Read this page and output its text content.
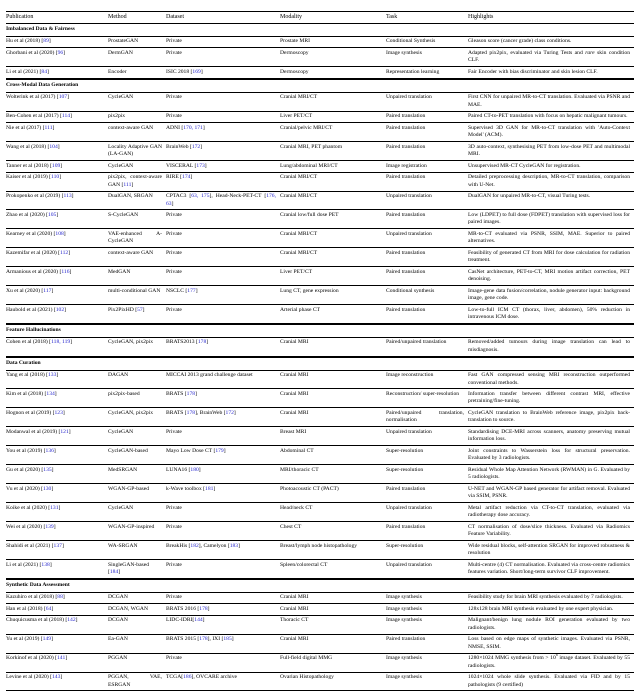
Publication	Method	Dataset	Modality	Task	Highlights
Imbalanced Data & Fairness					

Hu et al (2018) [89]	ProstateGAN	Private	Prostate MRI	Conditional Synthesis	Gleason score (cancer grade) class conditions.

Ghorbani et al (2020) [96]	DermGAN	Private	Dermoscopy	Image synthesis	Adapted pix2pix, evaluated via Turing Tests and rare skin condition CLF.

Li et al (2021) [84]	Encoder	ISIC 2018 [169]	Dermoscopy	Representation learning	Fair Encoder with bias discriminator and skin lesion CLF.

Cross-Modal Data Generation					

Wolterink et al (2017) [107]	CycleGAN	Private	Cranial MRI/CT	Unpaired translation	First CNN for unpaired MR-to-CT translation. Evaluated via PSNR and MAE.

Ben-Cohen et al (2017) [114]	pix2pix	Private	Liver PET/CT	Paired translation	Paired CT-to-PET translation with focus on hepatic malignant tumours.

Nie et al (2017) [111]	context-aware GAN	ADNI [170, 171]	Cranial/pelvic MRI/CT	Paired translation	Supervised 3D GAN for MR-to-CT translation with 'Auto-Context Model' (ACM).

Wang et al (2018) [104]	Locality Adaptive GAN (LA-GAN)	BrainWeb [172]	Cranial MRI, PET phantom	Paired translation	3D auto-context, synthesising PET from low-dose PET and multimodal MRI.

Tanner et al (2018) [109]	CycleGAN	VISCERAL [173]	Lung/abdominal MRI/CT	Image registration	Unsupervised MR-CT CycleGAN for registration.

Kaiser et al (2019) [110]	pix2pix, context-aware GAN [111]	RIRE [174]	Cranial MRI/CT	Paired translation	Detailed preprocessing description, MR-to-CT translation, comparison with U-Net.

Prokopenko et al (2019) [113]	DualGAN, SRGAN	CPTAC3 [63, 175], Head-Neck-PET-CT [176, 63]	Cranial MRI/CT	Unpaired translation	DualGAN for unpaired MR-to-CT, visual Turing tests.

Zhao et al (2020) [105]	S-CycleGAN	Private	Cranial low/full dose PET	Paired translation	Low (LDPET) to full dose (FDPET) translation with supervised loss for paired images.

Kearney et al (2020) [108]	VAE-enhanced A-CycleGAN	Private	Cranial MRI/CT	Unpaired translation	MR-to-CT evaluated via PSNR, SSIM, MAE. Superior to paired alternatives.

Kazemifar et al (2020) [112]	context-aware GAN	Private	Cranial MRI/CT	Paired translation	Feasibility of generated CT from MRI for dose calculation for radiation treatment.

Armanious et al (2020) [116]	MedGAN	Private	Liver PET/CT	Paired translation	CasNet architecture, PET-to-CT, MRI motion artifact correction, PET denoising.

Xu et al (2020) [117]	multi-conditional GAN	NSCLC [177]	Lung CT, gene expression	Conditional synthesis	Image-gene data fusion/correlation, nodule generator input: background image, gene code.

Haubold et al (2021) [102]	Pix2PixHD [57]	Private	Arterial phase CT	Paired translation	Low-to-full ICM CT (thorax, liver, abdomen), 50% reduction in intravenous ICM dose.

Feature Hallucinations					

Cohen et al (2018) [118, 119]	CycleGAN, pix2pix	BRATS2013 [178]	Cranial MRI	Paired/unpaired translation	Removed/added tumours during image translation can lead to misdiagnosis.

Data Curation					

Yang et al (2018) [133]	DAGAN	MICCAI 2013 grand challenge dataset	Cranial MRI	Image reconstruction	Fast GAN compressed sensing MRI reconstruction outperformed conventional methods.

Kim et al (2018) [134]	pix2pix-based	BRATS [178]	Cranial MRI	Reconstruction/ super-resolution	Information transfer between different contrast MRI, effective pretraining/fine-tuning.

Hognon et al (2019) [123]	CycleGAN, pix2pix	BRATS [178], BrainWeb [172]	Cranial MRI	Paired/unpaired translation, normalisation	CycleGAN translation to BrainWeb reference image, pix2pix back-translation to source.

Modanwal et al (2019) [121]	CycleGAN	Private	Breast MRI	Unpaired translation	Standardising DCE-MRI across scanners, anatomy preserving mutual information loss.

You et al (2019) [136]	CycleGAN-based	Mayo Low Dose CT [179]	Abdominal CT	Super-resolution	Joint constraints to Wasserstein loss for structural preservation. Evaluated by 3 radiologists.

Gu et al (2020) [135]	MedSRGAN	LUNA16 [180]	MRI/thoracic CT	Super-resolution	Residual Whole Map Attention Network (RWMAN) in G. Evaluated by 5 radiologists.

Vu et al (2020) [130]	WGAN-GP-based	k-Wave toolbox [181]	Photoacoustic CT (PACT)	Paired translation	U-NET and WGAN-GP based generator for artifact removal. Evaluated via SSIM, PSNR.

Koike et al (2020) [131]	CycleGAN	Private	Head/neck CT	Unpaired translation	Metal artifact reduction via CT-to-CT translation, evaluated via radiotherapy dose accuracy.

Wei et al (2020) [139]	WGAN-GP-inspired	Private	Chest CT	Paired translation	CT normalisation of dose/slice thickness. Evaluated via Radiomics Feature Variability.

Shahidi et al (2021) [137]	WA-SRGAN	BreakHis [182], Camelyon [183]	Breast/lymph node histopathology	Super-resolution	Wide residual blocks, self-attention SRGAN for improved robustness & resolution

Li et al (2021) [138]	SingleGAN-based [184]	Private	Spleen/colorectal CT	Unpaired translation	Multi-centre (4) CT normalisation. Evaluated via cross-centre radiomics features variation. Short/long-term survivor CLF improvement.

Synthetic Data Assessment					

Kazuhiro et al (2018) [88]	DCGAN	Private	Cranial MRI	Image synthesis	Feasibility study for brain MRI synthesis evaluated by 7 radiologists.

Han et al (2018) [64]	DCGAN, WGAN	BRATS 2016 [178]	Cranial MRI	Image synthesis	128x128 brain MRI synthesis evaluated by one expert physician.

Chuquicusma et al (2018) [142]	DCGAN	LIDC-IDRI[144]	Thoracic CT	Image synthesis	Malignant/benign lung nodule ROI generation evaluated by two radiologists.

Yu et al (2019) [149]	Ea-GAN	BRATS 2015 [178], IXI [185]	Cranial MRI	Paired translation	Loss based on edge maps of synthetic images. Evaluated via PSNR, NMSE, SSIM.

Korkinof et al (2020) [141]	PGGAN	Private	Full-field digital MMG	Image synthesis	1280×1024 MMG synthesis from > $10^6$ image dataset. Evaluated by 55 radiologists.

Levine et al (2020) [143]	PGGAN, VAE, ESRGAN	TCGA[186], OVCARE archive	Ovarian Histopathology	Image synthesis	1024×1024 whole slide synthesis. Evaluated via FID and by 15 pathologists (9 certified)
